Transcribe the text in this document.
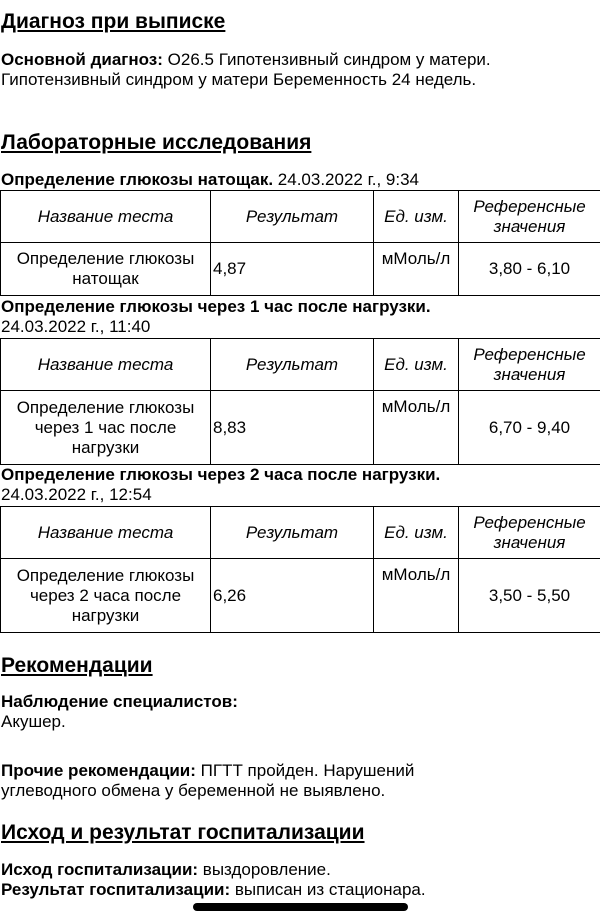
Диагноз при выписке
Основной диагноз: O26.5 Гипотензивный синдром у матери.
Гипотензивный синдром у матери Беременность 24 недель.
Лабораторные исследования
Определение глюкозы натощак. 24.03.2022 г., 9:34
Название теста	Результат	Ед. изм.	Референсные значения
Определение глюкозы натощак	4,87	мМоль/л	3,80 - 6,10
Определение глюкозы через 1 час после нагрузки.
24.03.2022 г., 11:40
Название теста	Результат	Ед. изм.	Референсные значения
Определение глюкозы через 1 час после нагрузки	8,83	мМоль/л	6,70 - 9,40
Определение глюкозы через 2 часа после нагрузки.
24.03.2022 г., 12:54
Название теста	Результат	Ед. изм.	Референсные значения
Определение глюкозы через 2 часа после нагрузки	6,26	мМоль/л	3,50 - 5,50
Рекомендации
Наблюдение специалистов:
Акушер.
Прочие рекомендации: ПГТТ пройден. Нарушений
углеводного обмена у беременной не выявлено.
Исход и результат госпитализации
Исход госпитализации: выздоровление.
Результат госпитализации: выписан из стационара.
